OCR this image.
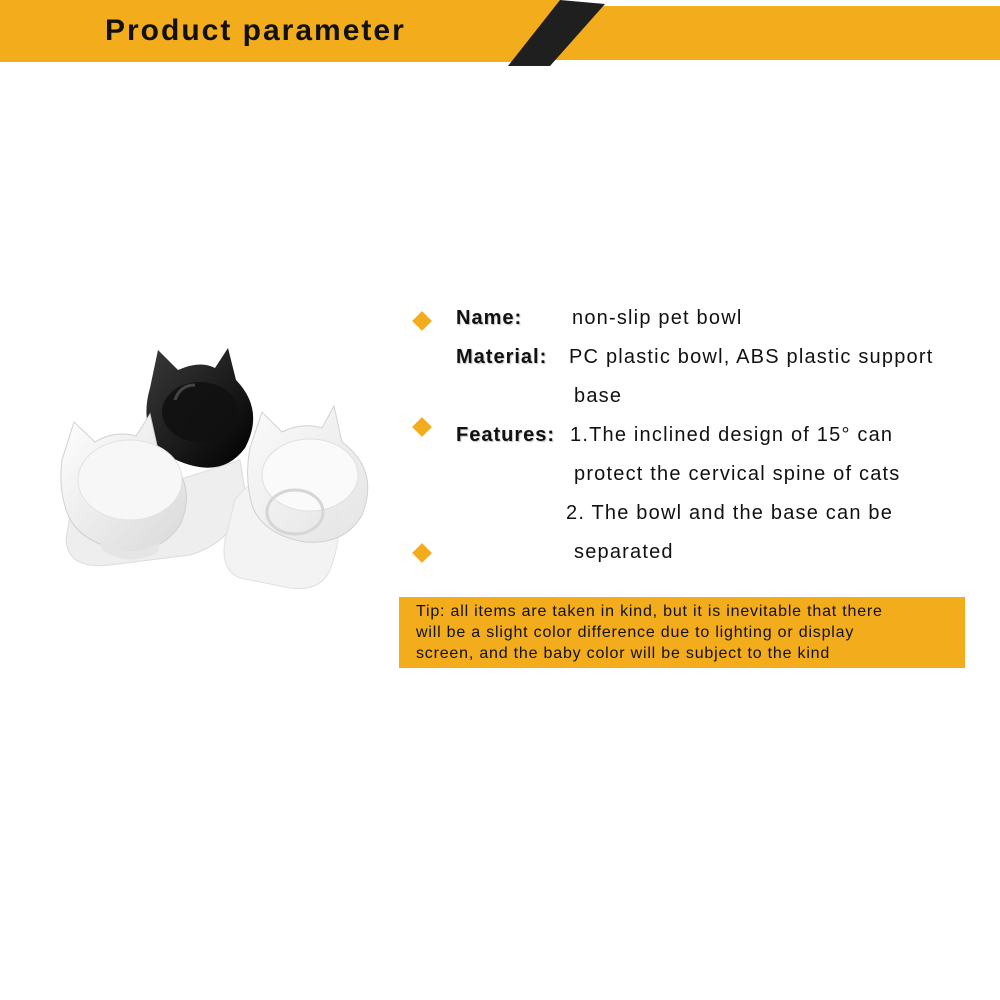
Product parameter
Name: non-slip pet bowl
Material: PC plastic bowl, ABS plastic support
base
Features: 1.The inclined design of 15° can
protect the cervical spine of cats
2. The bowl and the base can be
separated
Tip: all items are taken in kind, but it is inevitable that there
will be a slight color difference due to lighting or display
screen, and the baby color will be subject to the kind
